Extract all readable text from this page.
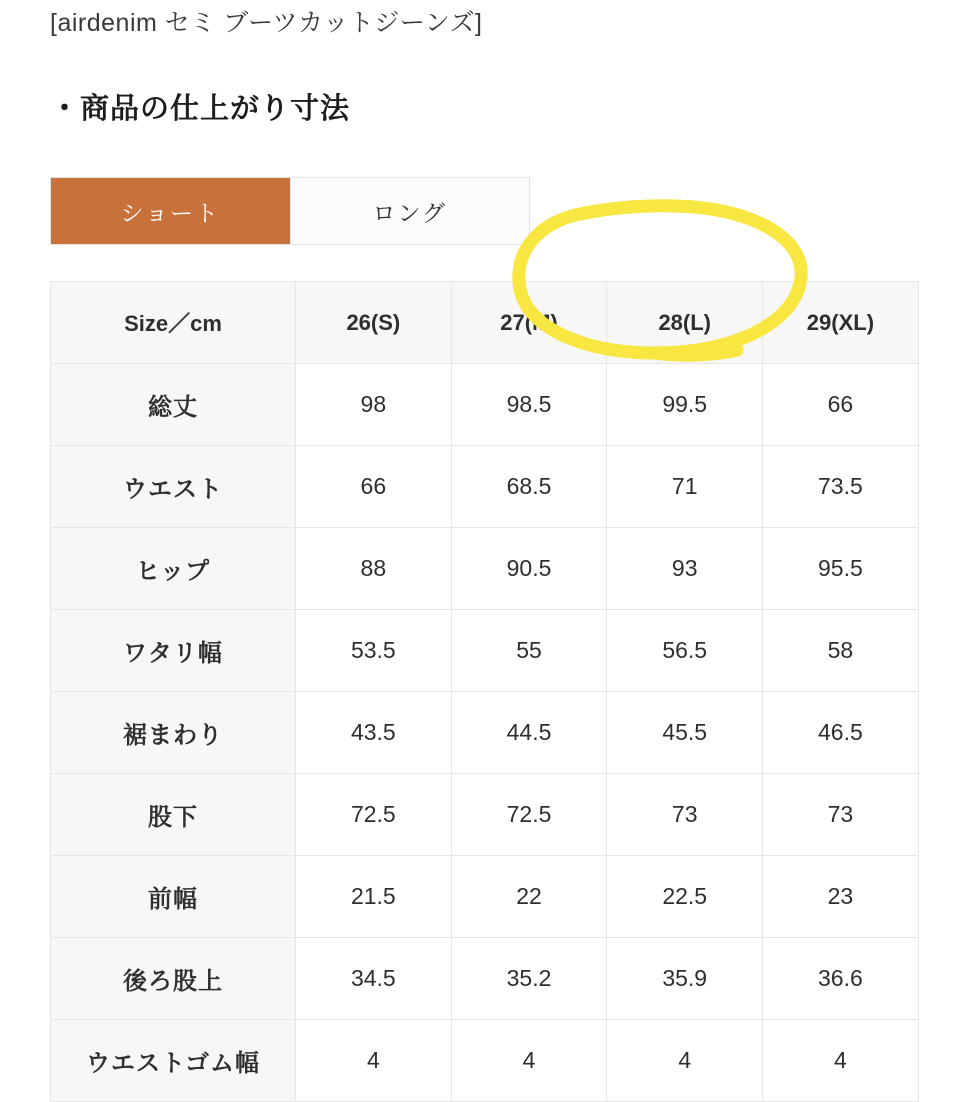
[airdenim セミ ブーツカットジーンズ]
・商品の仕上がり寸法
ショート	ロング
Size／cm	26(S)	27(M)	28(L)	29(XL)
総丈	98	98.5	99.5	66
ウエスト	66	68.5	71	73.5
ヒップ	88	90.5	93	95.5
ワタリ幅	53.5	55	56.5	58
裾まわり	43.5	44.5	45.5	46.5
股下	72.5	72.5	73	73
前幅	21.5	22	22.5	23
後ろ股上	34.5	35.2	35.9	36.6
ウエストゴム幅	4	4	4	4
